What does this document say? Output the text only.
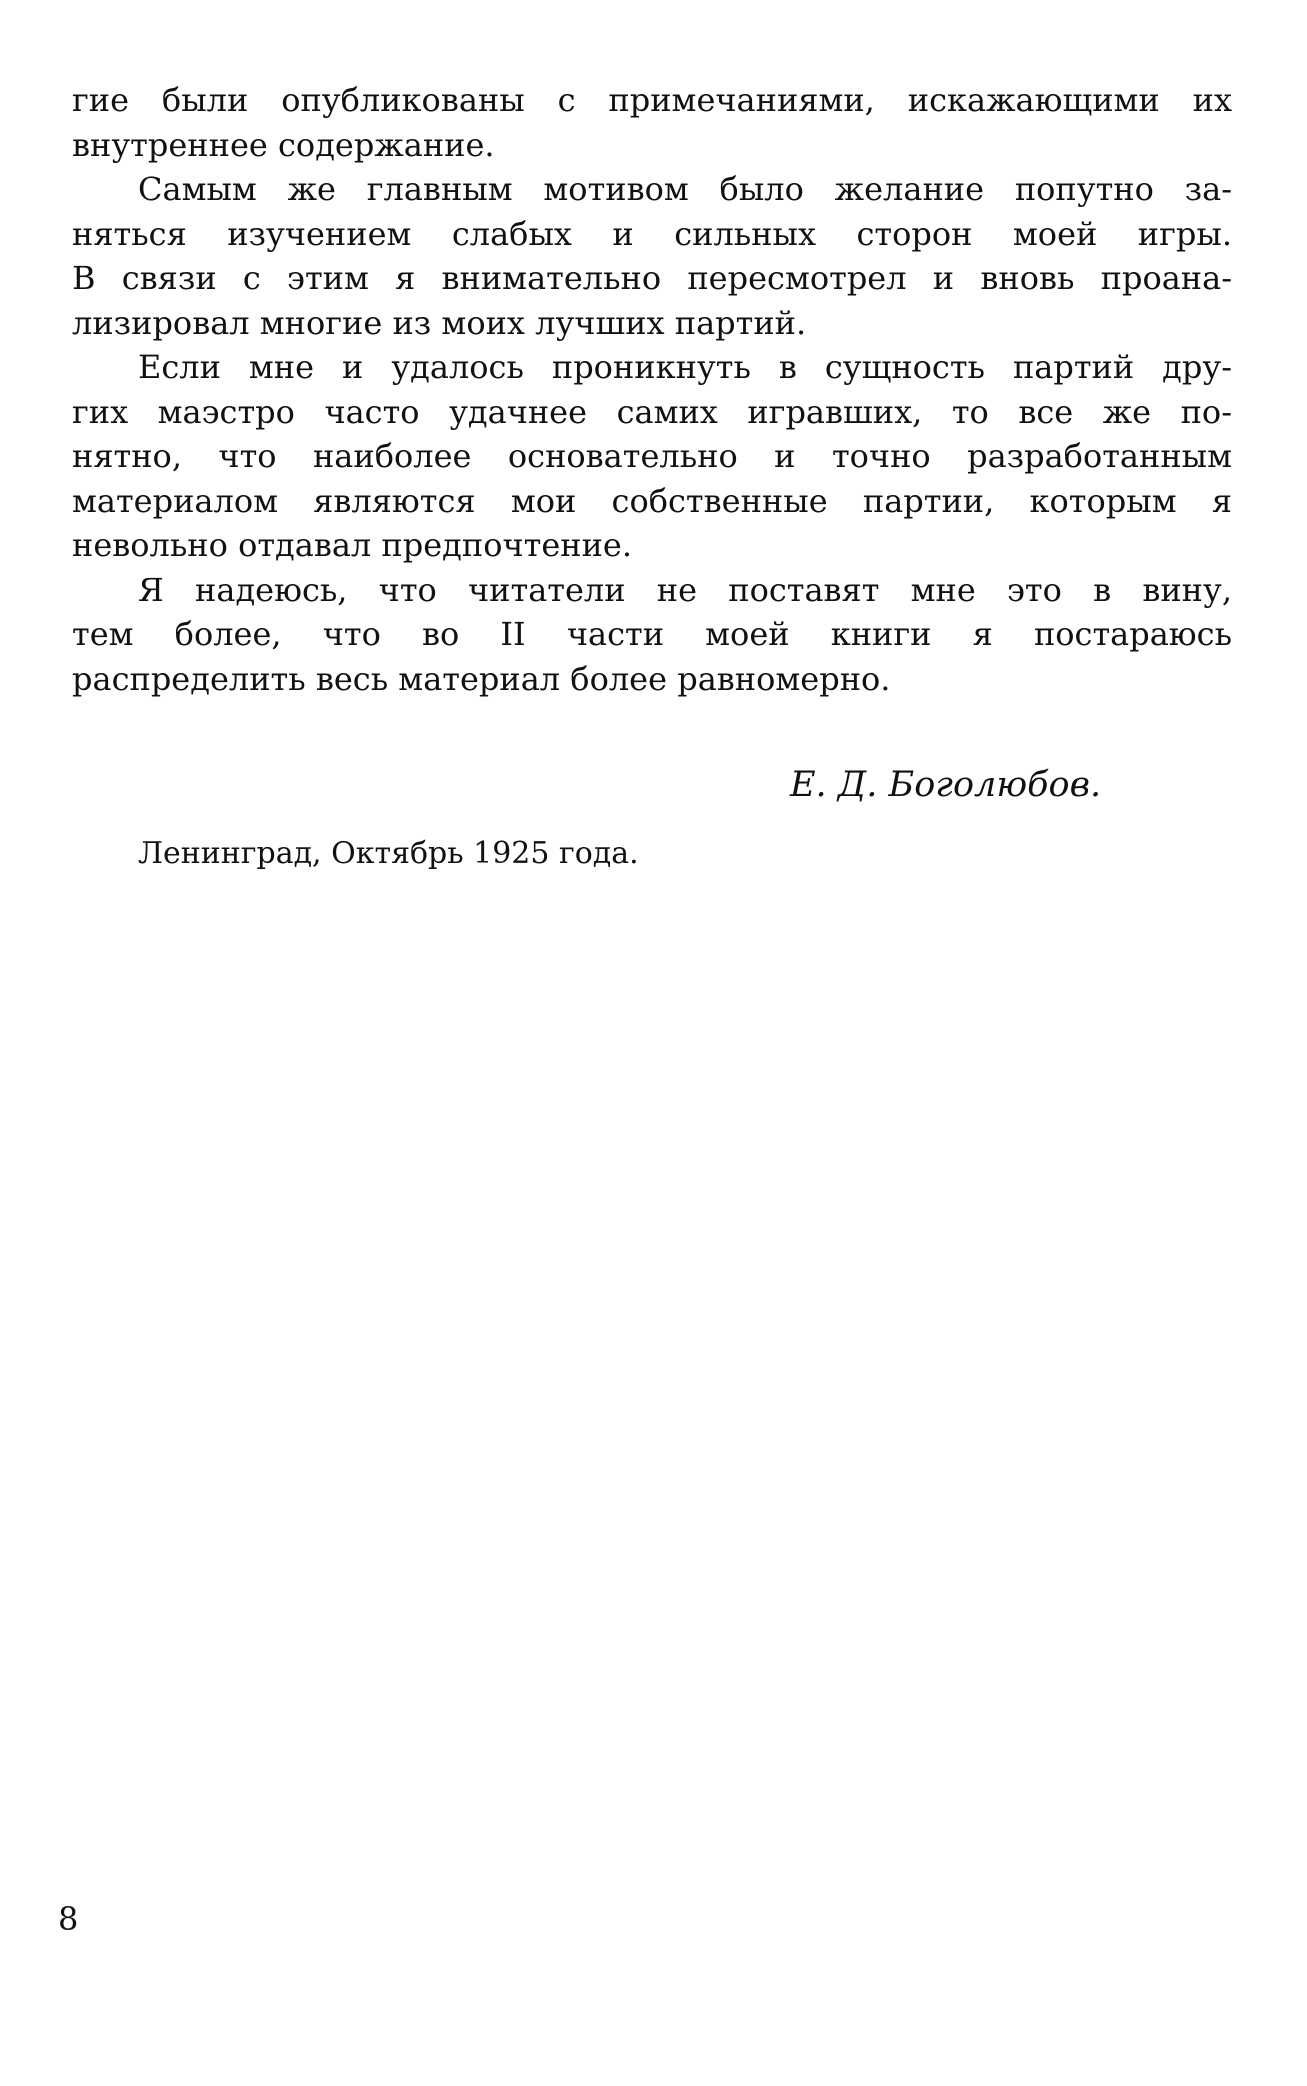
гие были опубликованы с примечаниями, искажающими их
внутреннее содержание.
Самым же главным мотивом было желание попутно за-
няться изучением слабых и сильных сторон моей игры.
В связи с этим я внимательно пересмотрел и вновь проана-
лизировал многие из моих лучших партий.
Если мне и удалось проникнуть в сущность партий дру-
гих маэстро часто удачнее самих игравших, то все же по-
нятно, что наиболее основательно и точно разработанным
материалом являются мои собственные партии, которым я
невольно отдавал предпочтение.
Я надеюсь, что читатели не поставят мне это в вину,
тем более, что во II части моей книги я постараюсь
распределить весь материал более равномерно.
Е. Д. Боголюбов.
Ленинград, Октябрь 1925 года.
8
